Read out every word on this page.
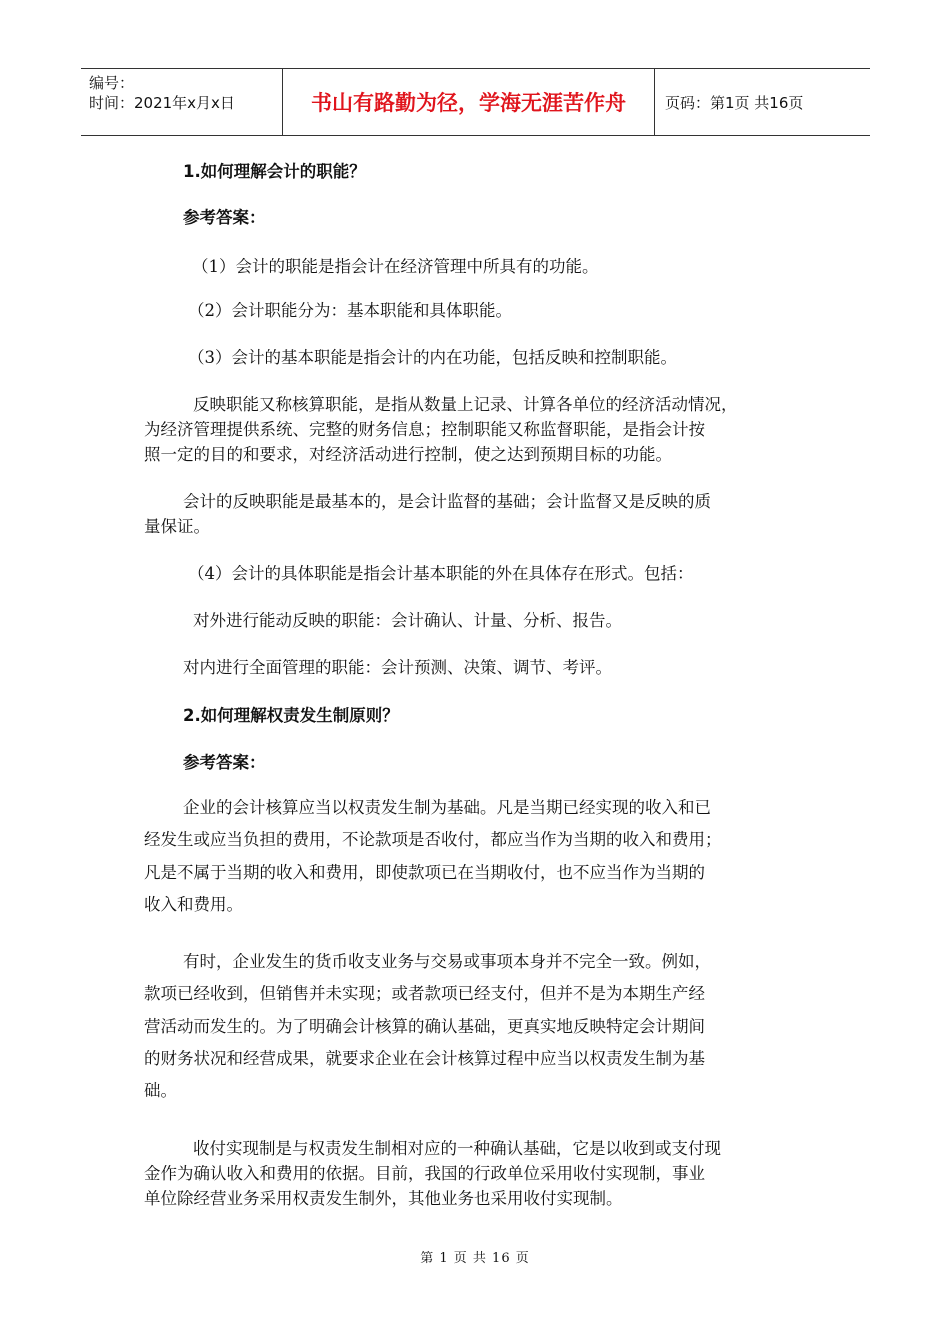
编号：
时间：2021年x月x日	书山有路勤为径，学海无涯苦作舟	页码：第1页 共16页
1.如何理解会计的职能？
参考答案：
（1）会计的职能是指会计在经济管理中所具有的功能。
（2）会计职能分为：基本职能和具体职能。
（3）会计的基本职能是指会计的内在功能，包括反映和控制职能。
反映职能又称核算职能，是指从数量上记录、计算各单位的经济活动情况，
为经济管理提供系统、完整的财务信息；控制职能又称监督职能，是指会计按
照一定的目的和要求，对经济活动进行控制，使之达到预期目标的功能。
会计的反映职能是最基本的，是会计监督的基础；会计监督又是反映的质
量保证。
（4）会计的具体职能是指会计基本职能的外在具体存在形式。包括：
对外进行能动反映的职能：会计确认、计量、分析、报告。
对内进行全面管理的职能：会计预测、决策、调节、考评。
2.如何理解权责发生制原则？
参考答案：
企业的会计核算应当以权责发生制为基础。凡是当期已经实现的收入和已
经发生或应当负担的费用，不论款项是否收付，都应当作为当期的收入和费用；
凡是不属于当期的收入和费用，即使款项已在当期收付，也不应当作为当期的
收入和费用。
有时，企业发生的货币收支业务与交易或事项本身并不完全一致。例如，
款项已经收到，但销售并未实现；或者款项已经支付，但并不是为本期生产经
营活动而发生的。为了明确会计核算的确认基础，更真实地反映特定会计期间
的财务状况和经营成果，就要求企业在会计核算过程中应当以权责发生制为基
础。
收付实现制是与权责发生制相对应的一种确认基础，它是以收到或支付现
金作为确认收入和费用的依据。目前，我国的行政单位采用收付实现制，事业
单位除经营业务采用权责发生制外，其他业务也采用收付实现制。
第 1 页 共 16 页
